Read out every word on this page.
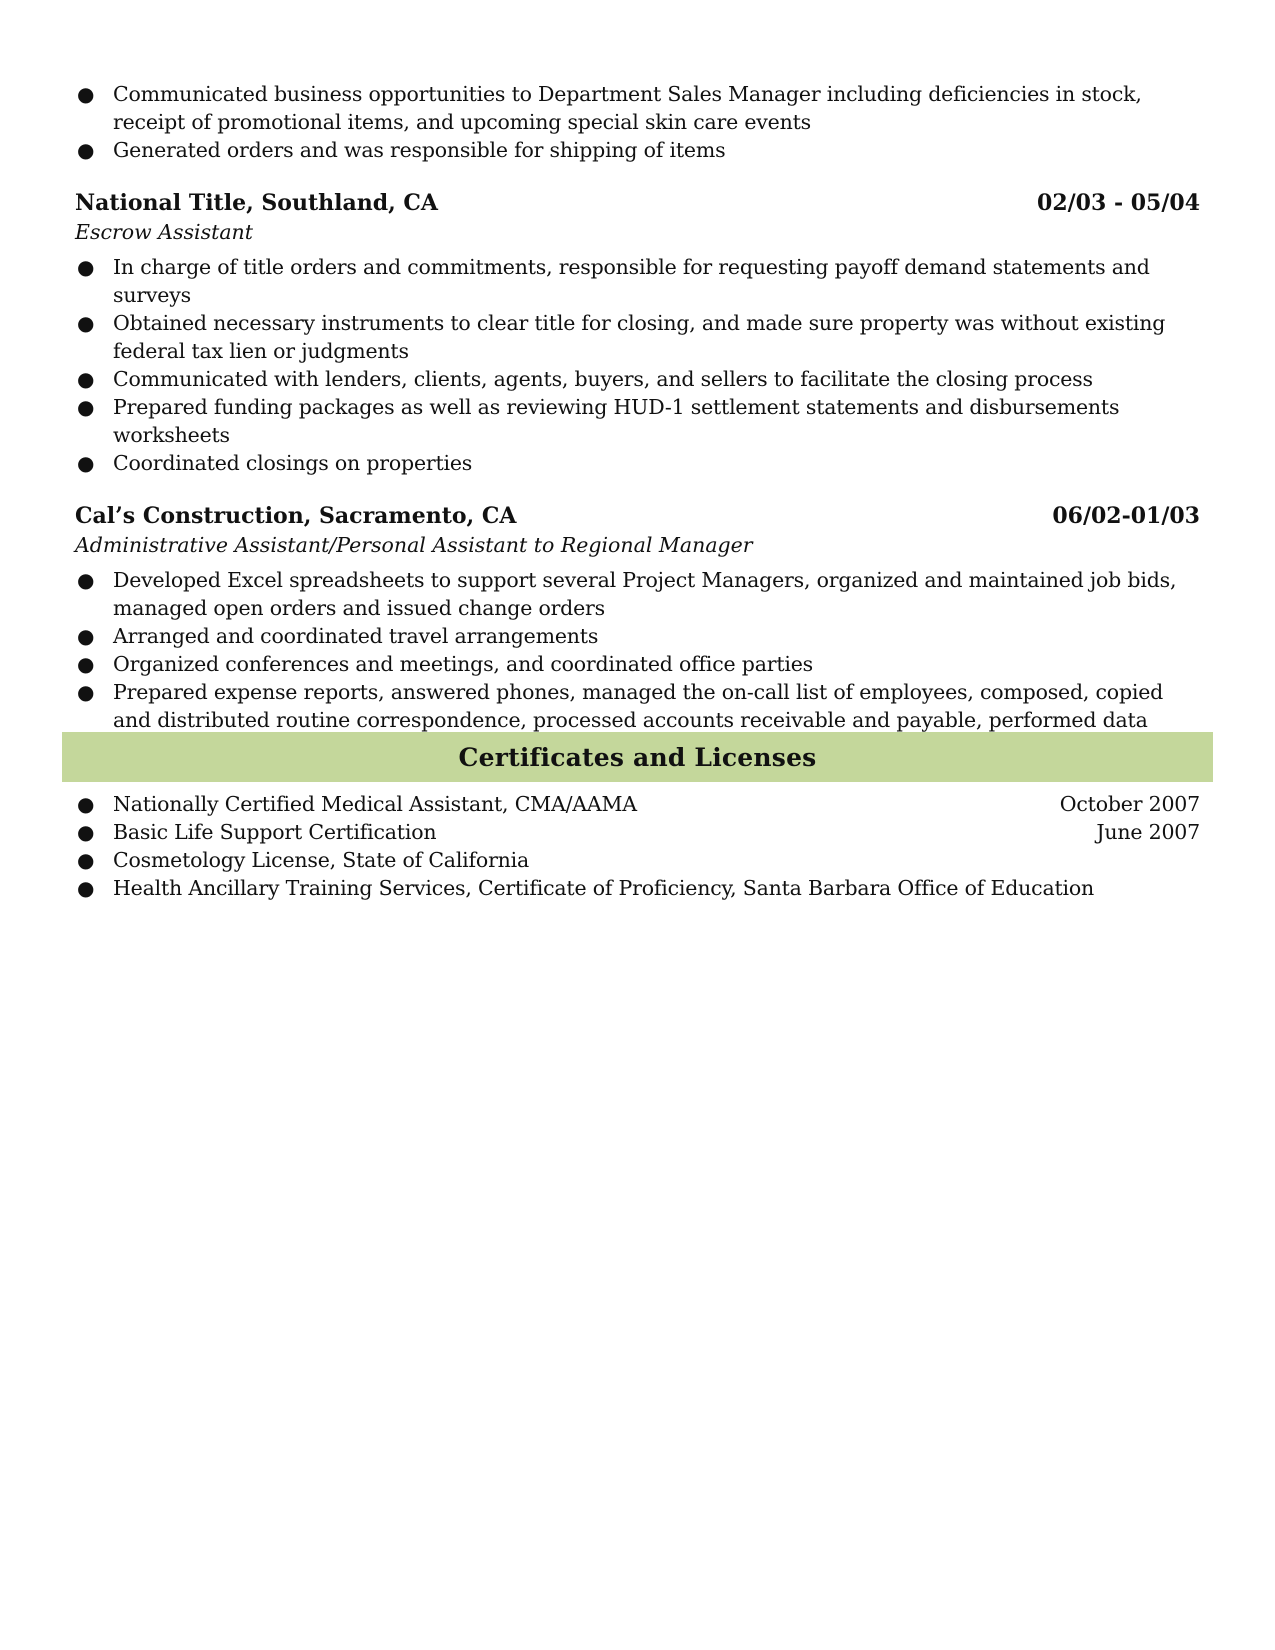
● Communicated business opportunities to Department Sales Manager including deficiencies in stock, receipt of promotional items, and upcoming special skin care events
● Generated orders and was responsible for shipping of items
National Title, Southland, CA	02/03 - 05/04
Escrow Assistant
● In charge of title orders and commitments, responsible for requesting payoff demand statements and surveys
● Obtained necessary instruments to clear title for closing, and made sure property was without existing federal tax lien or judgments
● Communicated with lenders, clients, agents, buyers, and sellers to facilitate the closing process
● Prepared funding packages as well as reviewing HUD-1 settlement statements and disbursements worksheets
● Coordinated closings on properties
Cal’s Construction, Sacramento, CA	06/02-01/03
Administrative Assistant/Personal Assistant to Regional Manager
● Developed Excel spreadsheets to support several Project Managers, organized and maintained job bids, managed open orders and issued change orders
● Arranged and coordinated travel arrangements
● Organized conferences and meetings, and coordinated office parties
● Prepared expense reports, answered phones, managed the on-call list of employees, composed, copied and distributed routine correspondence, processed accounts receivable and payable, performed data
Certificates and Licenses
● Nationally Certified Medical Assistant, CMA/AAMA	October 2007
● Basic Life Support Certification	June 2007
● Cosmetology License, State of California
● Health Ancillary Training Services, Certificate of Proficiency, Santa Barbara Office of Education
